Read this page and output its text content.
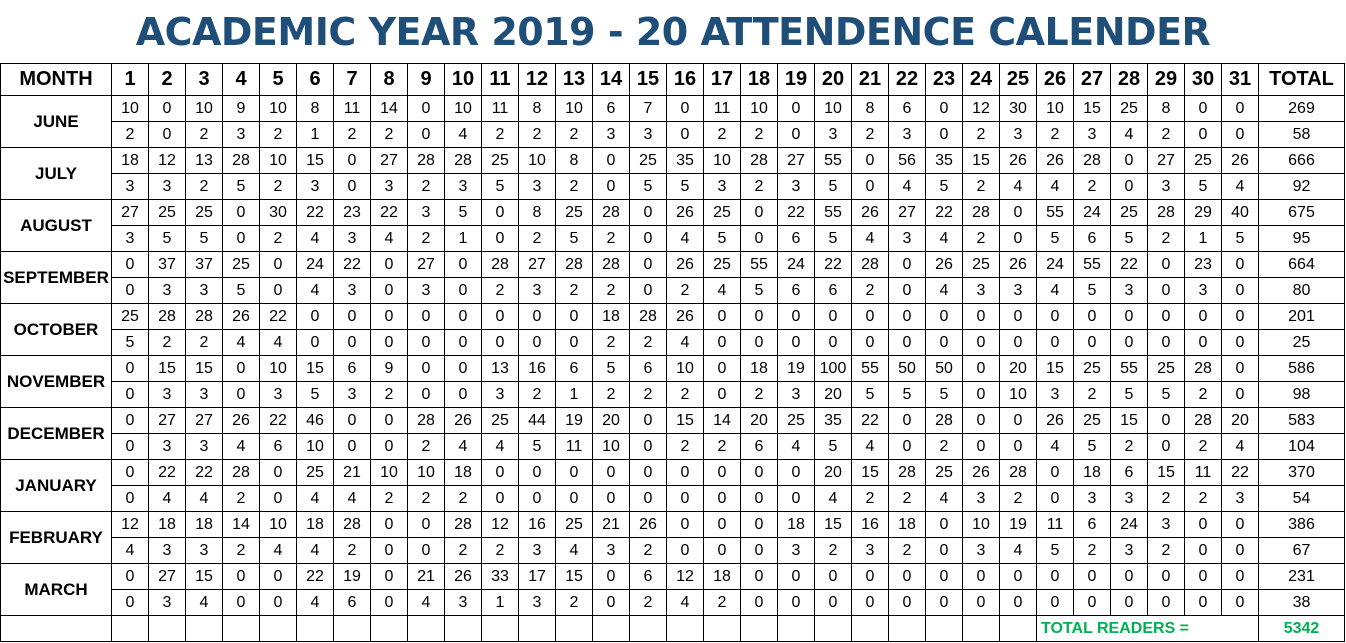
ACADEMIC YEAR 2019 - 20 ATTENDENCE CALENDER
MONTH	1	2	3	4	5	6	7	8	9	10	11	12	13	14	15	16	17	18	19	20	21	22	23	24	25	26	27	28	29	30	31	TOTAL
JUNE	10	0	10	9	10	8	11	14	0	10	11	8	10	6	7	0	11	10	0	10	8	6	0	12	30	10	15	25	8	0	0	269
	2	0	2	3	2	1	2	2	0	4	2	2	2	3	3	0	2	2	0	3	2	3	0	2	3	2	3	4	2	0	0	58
JULY	18	12	13	28	10	15	0	27	28	28	25	10	8	0	25	35	10	28	27	55	0	56	35	15	26	26	28	0	27	25	26	666
	3	3	2	5	2	3	0	3	2	3	5	3	2	0	5	5	3	2	3	5	0	4	5	2	4	4	2	0	3	5	4	92
AUGUST	27	25	25	0	30	22	23	22	3	5	0	8	25	28	0	26	25	0	22	55	26	27	22	28	0	55	24	25	28	29	40	675
	3	5	5	0	2	4	3	4	2	1	0	2	5	2	0	4	5	0	6	5	4	3	4	2	0	5	6	5	2	1	5	95
SEPTEMBER	0	37	37	25	0	24	22	0	27	0	28	27	28	28	0	26	25	55	24	22	28	0	26	25	26	24	55	22	0	23	0	664
	0	3	3	5	0	4	3	0	3	0	2	3	2	2	0	2	4	5	6	6	2	0	4	3	3	4	5	3	0	3	0	80
OCTOBER	25	28	28	26	22	0	0	0	0	0	0	0	0	18	28	26	0	0	0	0	0	0	0	0	0	0	0	0	0	0	0	201
	5	2	2	4	4	0	0	0	0	0	0	0	0	2	2	4	0	0	0	0	0	0	0	0	0	0	0	0	0	0	0	25
NOVEMBER	0	15	15	0	10	15	6	9	0	0	13	16	6	5	6	10	0	18	19	100	55	50	50	0	20	15	25	55	25	28	0	586
	0	3	3	0	3	5	3	2	0	0	3	2	1	2	2	2	0	2	3	20	5	5	5	0	10	3	2	5	5	2	0	98
DECEMBER	0	27	27	26	22	46	0	0	28	26	25	44	19	20	0	15	14	20	25	35	22	0	28	0	0	26	25	15	0	28	20	583
	0	3	3	4	6	10	0	0	2	4	4	5	11	10	0	2	2	6	4	5	4	0	2	0	0	4	5	2	0	2	4	104
JANUARY	0	22	22	28	0	25	21	10	10	18	0	0	0	0	0	0	0	0	0	20	15	28	25	26	28	0	18	6	15	11	22	370
	0	4	4	2	0	4	4	2	2	2	0	0	0	0	0	0	0	0	0	4	2	2	4	3	2	0	3	3	2	2	3	54
FEBRUARY	12	18	18	14	10	18	28	0	0	28	12	16	25	21	26	0	0	0	18	15	16	18	0	10	19	11	6	24	3	0	0	386
	4	3	3	2	4	4	2	0	0	2	2	3	4	3	2	0	0	0	3	2	3	2	0	3	4	5	2	3	2	0	0	67
MARCH	0	27	15	0	0	22	19	0	21	26	33	17	15	0	6	12	18	0	0	0	0	0	0	0	0	0	0	0	0	0	0	231
	0	3	4	0	0	4	6	0	4	3	1	3	2	0	2	4	2	0	0	0	0	0	0	0	0	0	0	0	0	0	0	38
																										TOTAL READERS =						5342
